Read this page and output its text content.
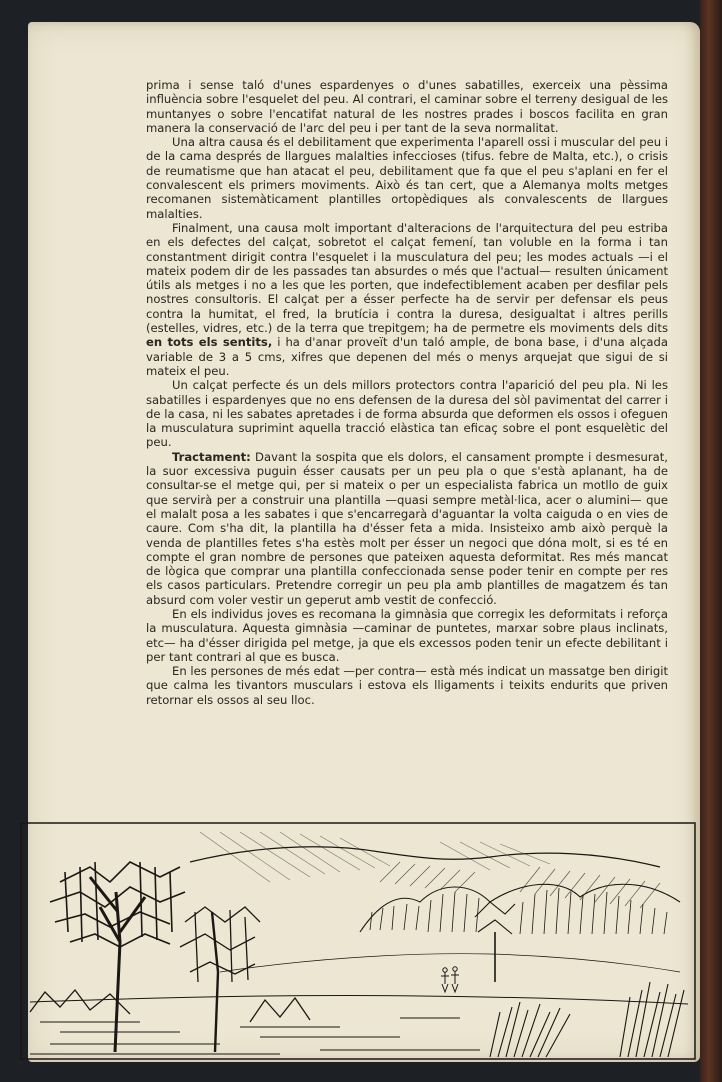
prima i sense taló d'unes espardenyes o d'unes sabatilles, exerceix una pèssima influència sobre l'esquelet del peu. Al contrari, el caminar sobre el terreny desigual de les muntanyes o sobre l'encatifat natural de les nostres prades i boscos facilita en gran manera la conservació de l'arc del peu i per tant de la seva normalitat.

Una altra causa és el debilitament que experimenta l'aparell ossi i muscular del peu i de la cama després de llargues malalties infeccioses (tifus. febre de Malta, etc.), o crisis de reumatisme que han atacat el peu, debilitament que fa que el peu s'aplani en fer el convalescent els primers moviments. Això és tan cert, que a Alemanya molts metges recomanen sistemàticament plantilles ortopèdiques als convalescents de llargues malalties.

Finalment, una causa molt important d'alteracions de l'arquitectura del peu estriba en els defectes del calçat, sobretot el calçat femení, tan voluble en la forma i tan constantment dirigit contra l'esquelet i la musculatura del peu; les modes actuals —i el mateix podem dir de les passades tan absurdes o més que l'actual— resulten únicament útils als metges i no a les que les porten, que indefectiblement acaben per desfilar pels nostres consultoris. El calçat per a ésser perfecte ha de servir per defensar els peus contra la humitat, el fred, la brutícia i contra la duresa, desigualtat i altres perills (estelles, vidres, etc.) de la terra que trepitgem; ha de permetre els moviments dels dits en tots els sentits, i ha d'anar proveït d'un taló ample, de bona base, i d'una alçada variable de 3 a 5 cms, xifres que depenen del més o menys arquejat que sigui de si mateix el peu.

Un calçat perfecte és un dels millors protectors contra l'aparició del peu pla. Ni les sabatilles i espardenyes que no ens defensen de la duresa del sòl pavimentat del carrer i de la casa, ni les sabates apretades i de forma absurda que deformen els ossos i ofeguen la musculatura suprimint aquella tracció elàstica tan eficaç sobre el pont esquelètic del peu.

Tractament: Davant la sospita que els dolors, el cansament prompte i desmesurat, la suor excessiva puguin ésser causats per un peu pla o que s'està aplanant, ha de consultar-se el metge qui, per si mateix o per un especialista fabrica un motllo de guix que servirà per a construir una plantilla —quasi sempre metàl·lica, acer o alumini— que el malalt posa a les sabates i que s'encarregarà d'aguantar la volta caiguda o en vies de caure. Com s'ha dit, la plantilla ha d'ésser feta a mida. Insisteixo amb això perquè la venda de plantilles fetes s'ha estès molt per ésser un negoci que dóna molt, si es té en compte el gran nombre de persones que pateixen aquesta deformitat. Res més mancat de lògica que comprar una plantilla confeccionada sense poder tenir en compte per res els casos particulars. Pretendre corregir un peu pla amb plantilles de magatzem és tan absurd com voler vestir un geperut amb vestit de confecció.

En els individus joves es recomana la gimnàsia que corregix les deformitats i reforça la musculatura. Aquesta gimnàsia —caminar de puntetes, marxar sobre plaus inclinats, etc— ha d'ésser dirigida pel metge, ja que els excessos poden tenir un efecte debilitant i per tant contrari al que es busca.

En les persones de més edat —per contra— està més indicat un massatge ben dirigit que calma les tivantors musculars i estova els lligaments i teixits endurits que priven retornar els ossos al seu lloc.
